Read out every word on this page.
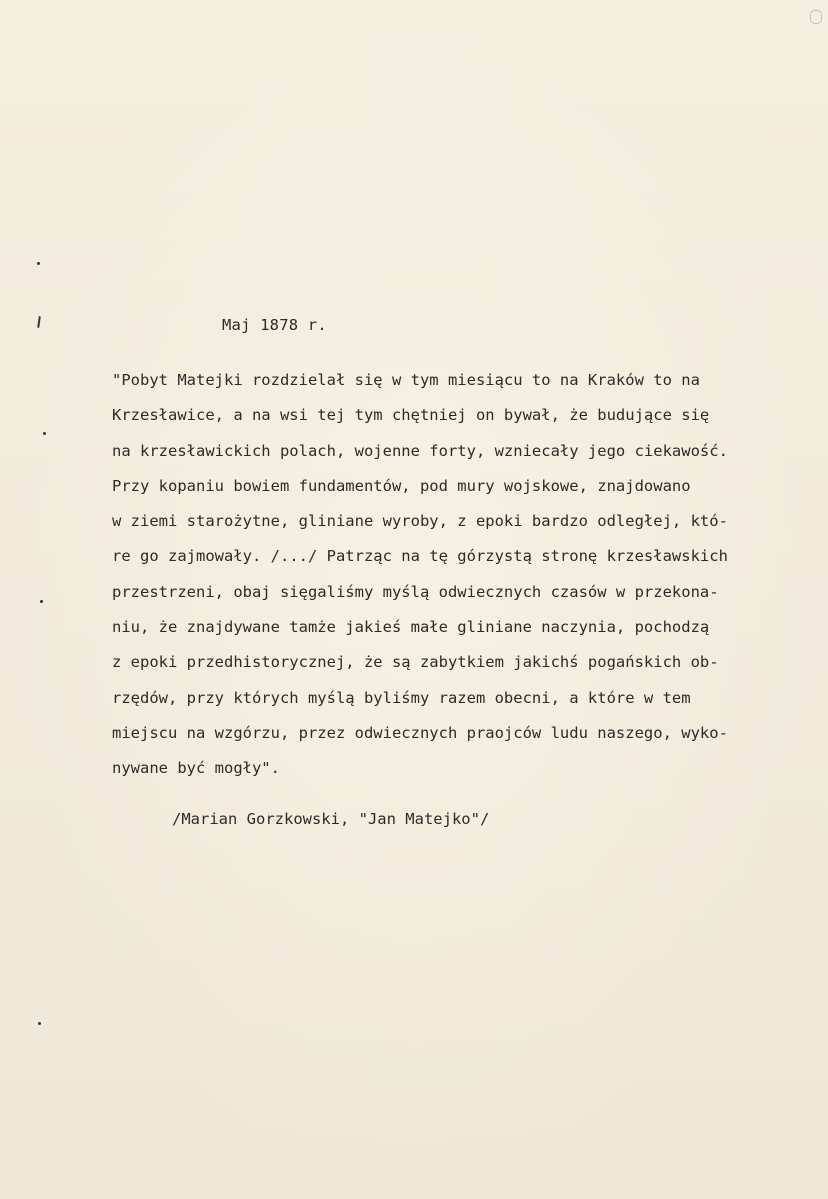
Maj 1878 r.
"Pobyt Matejki rozdzielał się w tym miesiącu to na Kraków to na
Krzesławice, a na wsi tej tym chętniej on bywał, że budujące się
na krzesławickich polach, wojenne forty, wzniecały jego ciekawość.
Przy kopaniu bowiem fundamentów, pod mury wojskowe, znajdowano
w ziemi starożytne, gliniane wyroby, z epoki bardzo odległej, któ-
re go zajmowały. /.../ Patrząc na tę górzystą stronę krzesławskich
przestrzeni, obaj sięgaliśmy myślą odwiecznych czasów w przekona-
niu, że znajdywane tamże jakieś małe gliniane naczynia, pochodzą
z epoki przedhistorycznej, że są zabytkiem jakichś pogańskich ob-
rzędów, przy których myślą byliśmy razem obecni, a które w tem
miejscu na wzgórzu, przez odwiecznych praojców ludu naszego, wyko-
nywane być mogły".
/Marian Gorzkowski, "Jan Matejko"/
